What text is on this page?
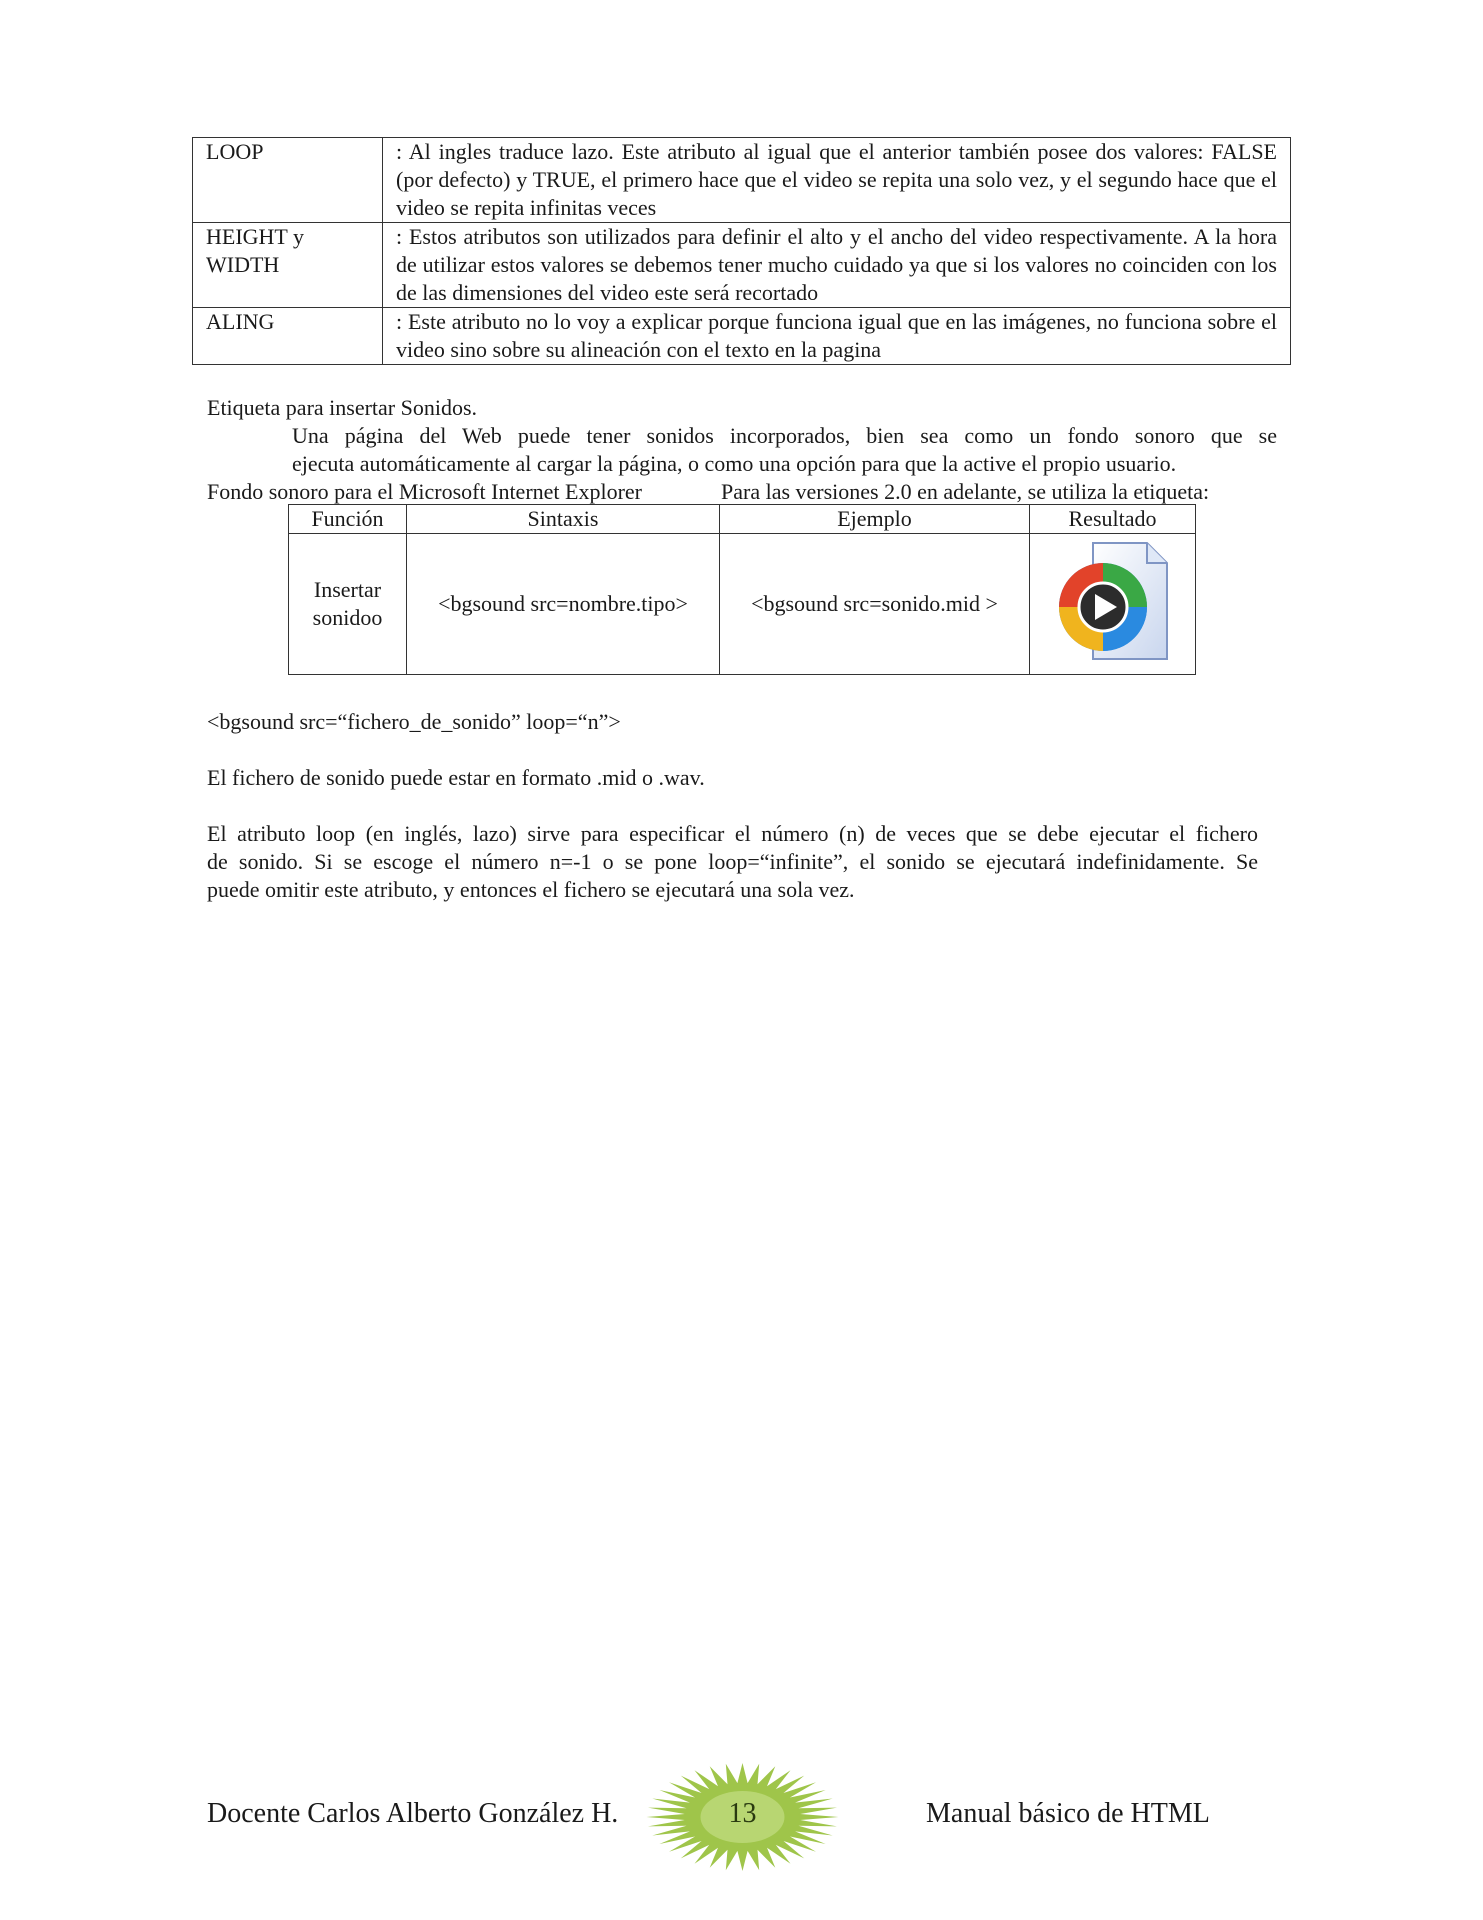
LOOP	: Al ingles traduce lazo. Este atributo al igual que el anterior también posee dos valores: FALSE (por defecto) y TRUE, el primero hace que el video se repita una solo vez, y el segundo hace que el video se repita infinitas veces
HEIGHT y WIDTH	: Estos atributos son utilizados para definir el alto y el ancho del video respectivamente. A la hora de utilizar estos valores se debemos tener mucho cuidado ya que si los valores no coinciden con los de las dimensiones del video este será recortado
ALING	: Este atributo no lo voy a explicar porque funciona igual que en las imágenes, no funciona sobre el video sino sobre su alineación con el texto en la pagina
Etiqueta para insertar Sonidos.
Una página del Web puede tener sonidos incorporados, bien sea como un fondo sonoro que se
ejecuta automáticamente al cargar la página, o como una opción para que la active el propio usuario.
Fondo sonoro para el Microsoft Internet Explorer	Para las versiones 2.0 en adelante, se utiliza la etiqueta:
Función	Sintaxis	Ejemplo	Resultado

Insertar
sonidoo	<bgsound src=nombre.tipo>	<bgsound src=sonido.mid >	
<bgsound src=“fichero_de_sonido” loop=“n”>
El fichero de sonido puede estar en formato .mid o .wav.
El atributo loop (en inglés, lazo) sirve para especificar el número (n) de veces que se debe ejecutar el fichero
de sonido. Si se escoge el número n=-1 o se pone loop=“infinite”, el sonido se ejecutará indefinidamente. Se
puede omitir este atributo, y entonces el fichero se ejecutará una sola vez.
Docente Carlos Alberto González H.	13	Manual básico de HTML
